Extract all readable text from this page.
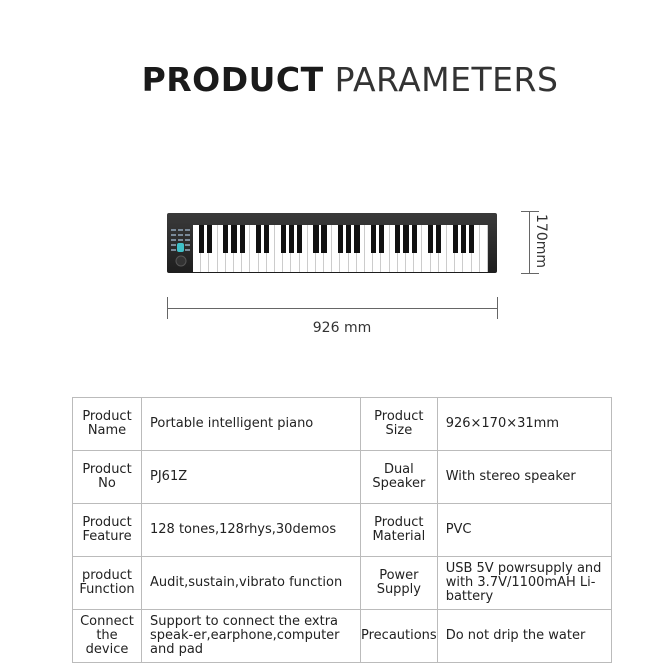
PRODUCT PARAMETERS
926 mm
170mm
Product Name	Portable intelligent piano	Product Size	926×170×31mm
Product No	PJ61Z	Dual Speaker	With stereo speaker
Product Feature	128 tones,128rhys,30demos	Product Material	PVC
product Function	Audit,sustain,vibrato function	Power Supply	USB 5V powrsupply and with 3.7V/1100mAH Li-battery
Connect the device	Support to connect the extra speak-er,earphone,computer and pad	Precautions	Do not drip the water
